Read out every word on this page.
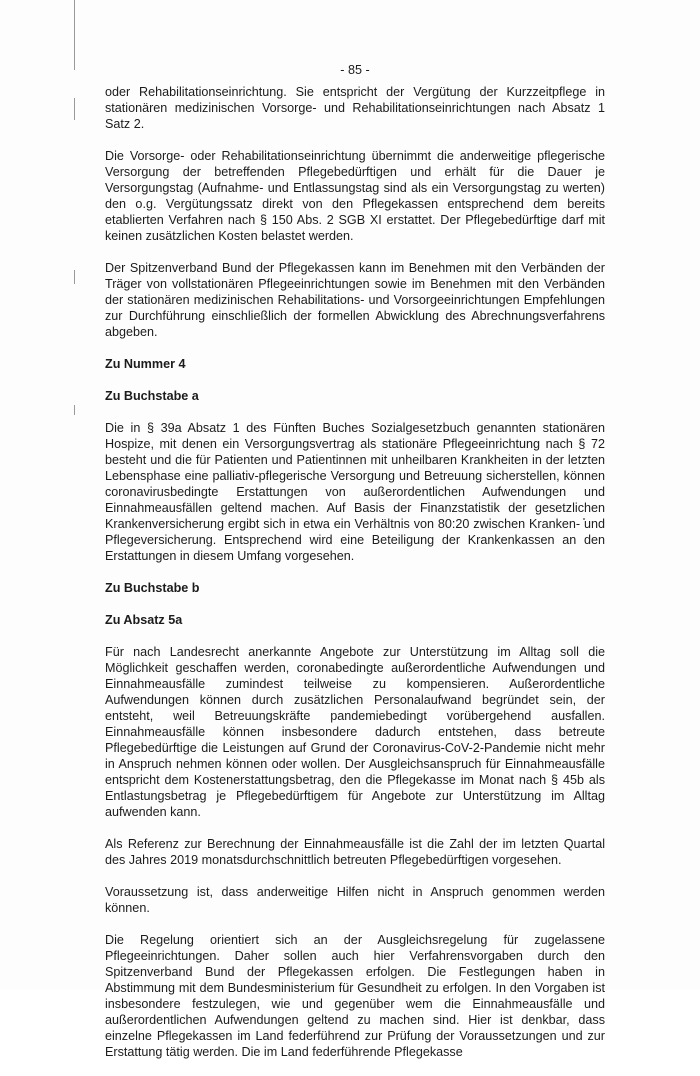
- 85 -

oder Rehabilitationseinrichtung. Sie entspricht der Vergütung der Kurzzeitpflege in stationären medizinischen Vorsorge- und Rehabilitationseinrichtungen nach Absatz 1 Satz 2.

Die Vorsorge- oder Rehabilitationseinrichtung übernimmt die anderweitige pflegerische Versorgung der betreffenden Pflegebedürftigen und erhält für die Dauer je Versorgungstag (Aufnahme- und Entlassungstag sind als ein Versorgungstag zu werten) den o.g. Vergütungssatz direkt von den Pflegekassen entsprechend dem bereits etablierten Verfahren nach § 150 Abs. 2 SGB XI erstattet. Der Pflegebedürftige darf mit keinen zusätzlichen Kosten belastet werden.

Der Spitzenverband Bund der Pflegekassen kann im Benehmen mit den Verbänden der Träger von vollstationären Pflegeeinrichtungen sowie im Benehmen mit den Verbänden der stationären medizinischen Rehabilitations- und Vorsorgeeinrichtungen Empfehlungen zur Durchführung einschließlich der formellen Abwicklung des Abrechnungsverfahrens abgeben.

Zu Nummer 4
Zu Buchstabe a

Die in § 39a Absatz 1 des Fünften Buches Sozialgesetzbuch genannten stationären Hospize, mit denen ein Versorgungsvertrag als stationäre Pflegeeinrichtung nach § 72 besteht und die für Patienten und Patientinnen mit unheilbaren Krankheiten in der letzten Lebensphase eine palliativ-pflegerische Versorgung und Betreuung sicherstellen, können coronavirusbedingte Erstattungen von außerordentlichen Aufwendungen und Einnahmeausfällen geltend machen. Auf Basis der Finanzstatistik der gesetzlichen Krankenversicherung ergibt sich in etwa ein Verhältnis von 80:20 zwischen Kranken- und Pflegeversicherung. Entsprechend wird eine Beteiligung der Krankenkassen an den Erstattungen in diesem Umfang vorgesehen.

Zu Buchstabe b
Zu Absatz 5a

Für nach Landesrecht anerkannte Angebote zur Unterstützung im Alltag soll die Möglichkeit geschaffen werden, coronabedingte außerordentliche Aufwendungen und Einnahmeausfälle zumindest teilweise zu kompensieren. Außerordentliche Aufwendungen können durch zusätzlichen Personalaufwand begründet sein, der entsteht, weil Betreuungskräfte pandemiebedingt vorübergehend ausfallen. Einnahmeausfälle können insbesondere dadurch entstehen, dass betreute Pflegebedürftige die Leistungen auf Grund der Coronavirus-CoV-2-Pandemie nicht mehr in Anspruch nehmen können oder wollen. Der Ausgleichsanspruch für Einnahmeausfälle entspricht dem Kostenerstattungsbetrag, den die Pflegekasse im Monat nach § 45b als Entlastungsbetrag je Pflegebedürftigem für Angebote zur Unterstützung im Alltag aufwenden kann.

Als Referenz zur Berechnung der Einnahmeausfälle ist die Zahl der im letzten Quartal des Jahres 2019 monatsdurchschnittlich betreuten Pflegebedürftigen vorgesehen.

Voraussetzung ist, dass anderweitige Hilfen nicht in Anspruch genommen werden können.

Die Regelung orientiert sich an der Ausgleichsregelung für zugelassene Pflegeeinrichtungen. Daher sollen auch hier Verfahrensvorgaben durch den Spitzenverband Bund der Pflegekassen erfolgen. Die Festlegungen haben in Abstimmung mit dem Bundesministerium für Gesundheit zu erfolgen. In den Vorgaben ist insbesondere festzulegen, wie und gegenüber wem die Einnahmeausfälle und außerordentlichen Aufwendungen geltend zu machen sind. Hier ist denkbar, dass einzelne Pflegekassen im Land federführend zur Prüfung der Voraussetzungen und zur Erstattung tätig werden. Die im Land federführende Pflegekasse
